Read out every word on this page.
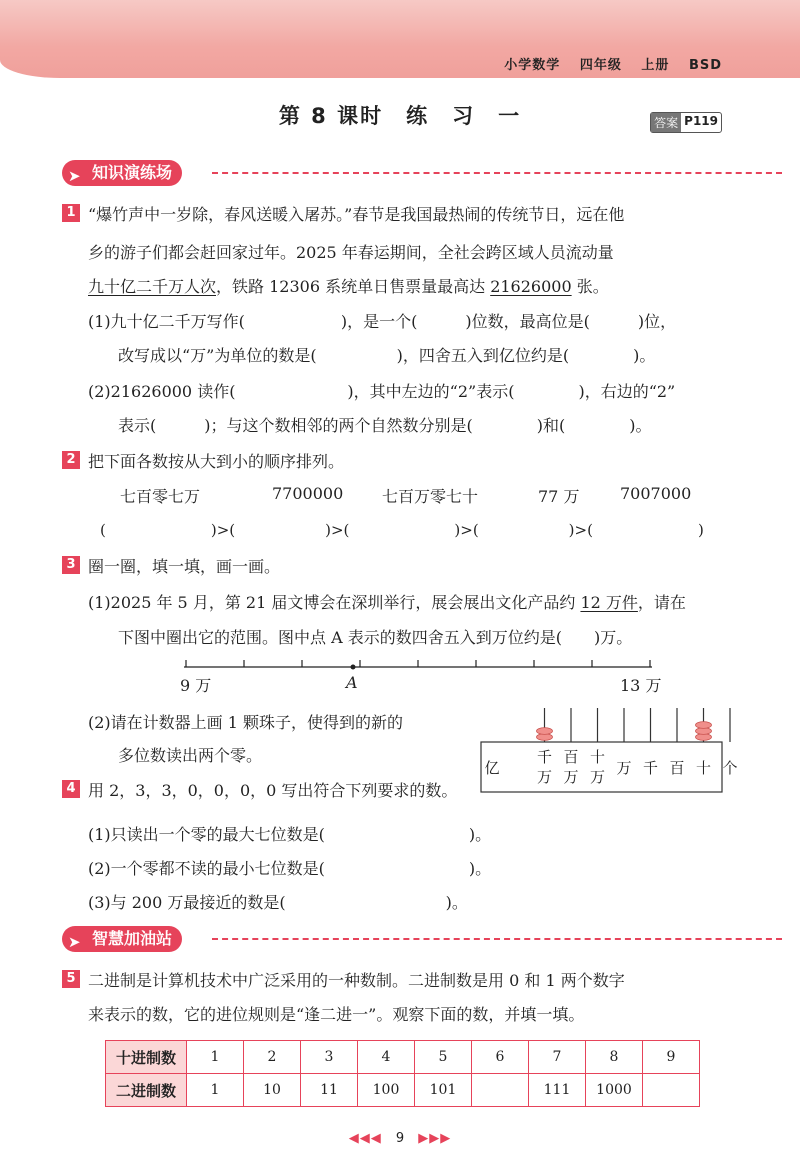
小学数学 四年级 上册 BSD
第 8 课时　练　习　一	答案 P119
➤ 知识演练场
1 “爆竹声中一岁除，春风送暖入屠苏。”春节是我国最热闹的传统节日，远在他
乡的游子们都会赶回家过年。2025 年春运期间，全社会跨区域人员流动量
九十亿二千万人次，铁路 12306 系统单日售票量最高达 21626000 张。
(1)九十亿二千万写作(　　　　　　)，是一个(　　　)位数，最高位是(　　　)位，
改写成以“万”为单位的数是(　　　　　)，四舍五入到亿位约是(　　　　)。
(2)21626000 读作(　　　　　　　)，其中左边的“2”表示(　　　　)，右边的“2”
表示(　　　)；与这个数相邻的两个自然数分别是(　　　　)和(　　　　)。
2 把下面各数按从大到小的顺序排列。
七百零七万	7700000 七百万零七十	77 万	7007000
(　　　　　　　)>(　　　　　　)>(　　　　　　　)>(　　　　　　)>(　　　　　　　)
3 圈一圈，填一填，画一画。
(1)2025 年 5 月，第 21 届文博会在深圳举行，展会展出文化产品约 12 万件，请在
下图中圈出它的范围。图中点 A 表示的数四舍五入到万位约是(　　)万。
9 万	A	13 万
(2)请在计数器上画 1 颗珠子，使得到的新的
多位数读出两个零。
亿
千
万
百
万
十
万 万 千 百 十 个
4 用 2，3，3，0，0，0，0 写出符合下列要求的数。
(1)只读出一个零的最大七位数是(　　　　　　　　　)。
(2)一个零都不读的最小七位数是(　　　　　　　　　)。
(3)与 200 万最接近的数是(　　　　　　　　　　)。
➤ 智慧加油站
5 二进制是计算机技术中广泛采用的一种数制。二进制数是用 0 和 1 两个数字
来表示的数，它的进位规则是“逢二进一”。观察下面的数，并填一填。
十进制数	1	2	3	4	5	6	7	8	9
二进制数	1	10	11	100	101		111	1000	
◀◀◀ 9 ▶▶▶
